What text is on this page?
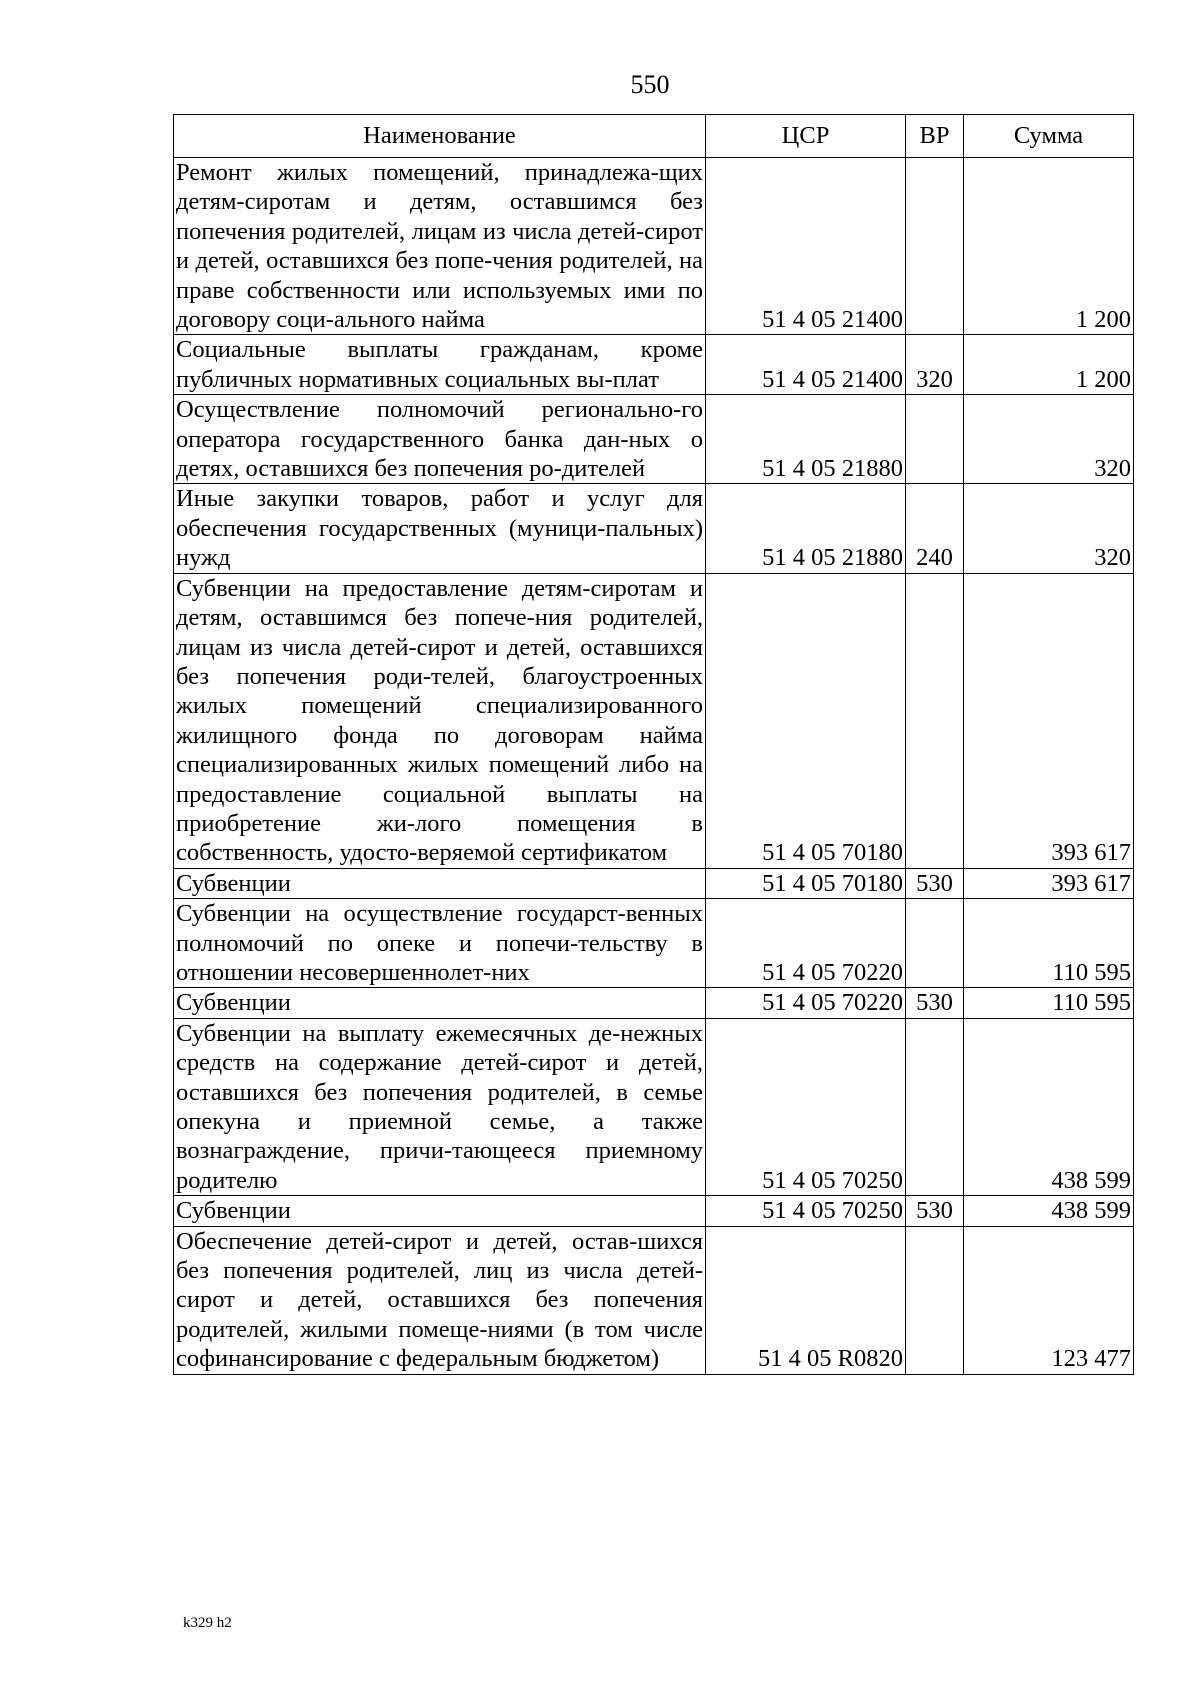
550
Наименование	ЦСР	ВР	Сумма
Ремонт жилых помещений, принадлежа-щих детям-сиротам и детям, оставшимся без попечения родителей, лицам из числа детей-сирот и детей, оставшихся без попе-чения родителей, на праве собственности или используемых ими по договору соци-ального найма	51 4 05 21400		1 200
Социальные выплаты гражданам, кроме публичных нормативных социальных вы-плат	51 4 05 21400	320	1 200
Осуществление полномочий регионально-го оператора государственного банка дан-ных о детях, оставшихся без попечения ро-дителей	51 4 05 21880		320
Иные закупки товаров, работ и услуг для обеспечения государственных (муници-пальных) нужд	51 4 05 21880	240	320
Субвенции на предоставление детям-сиротам и детям, оставшимся без попече-ния родителей, лицам из числа детей-сирот и детей, оставшихся без попечения роди-телей, благоустроенных жилых помещений специализированного жилищного фонда по договорам найма специализированных жилых помещений либо на предоставление социальной выплаты на приобретение жи-лого помещения в собственность, удосто-веряемой сертификатом	51 4 05 70180		393 617
Субвенции	51 4 05 70180	530	393 617
Субвенции на осуществление государст-венных полномочий по опеке и попечи-тельству в отношении несовершеннолет-них	51 4 05 70220		110 595
Субвенции	51 4 05 70220	530	110 595
Субвенции на выплату ежемесячных де-нежных средств на содержание детей-сирот и детей, оставшихся без попечения родителей, в семье опекуна и приемной семье, а также вознаграждение, причи-тающееся приемному родителю	51 4 05 70250		438 599
Субвенции	51 4 05 70250	530	438 599
Обеспечение детей-сирот и детей, остав-шихся без попечения родителей, лиц из числа детей-сирот и детей, оставшихся без попечения родителей, жилыми помеще-ниями (в том числе софинансирование с федеральным бюджетом)	51 4 05 R0820		123 477
k329 h2
